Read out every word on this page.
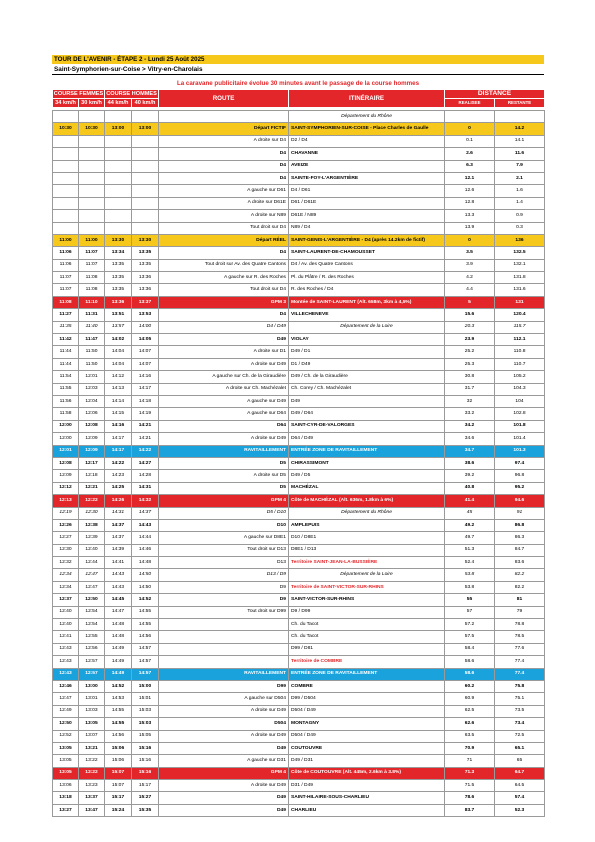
TOUR DE L'AVENIR - ÉTAPE 2 - Lundi 25 Août 2025
Saint-Symphorien-sur-Coise > Vitry-en-Charolais
La caravane publicitaire évolue 30 minutes avant le passage de la course hommes
COURSE FEMMES		COURSE HOMMES		ROUTE	ITINÉRAIRE	DISTANCE	
34 km/h	30 km/h	44 km/h	40 km/h			REALISEE	RESTANTE
					Département du Rhône		
10:30	10:30	13:00	13:00	Départ FICTIF	SAINT-SYMPHORIEN-SUR-COISE - Place Charles de Gaulle	0	14.2
				A droite sur D4	D2 / D4	0.1	14.1
				D4	CHAVANNE	2.6	11.6
				D4	AVEIZE	6.3	7.9
				D4	SAINTE-FOY-L'ARGENTIÈRE	12.1	2.1
				A gauche sur D61	D4 / D61	12.6	1.6
				A droite sur D61E	D61 / D61E	12.8	1.4
				A droite sur N89	D61E / N89	13.3	0.9
				Tout droit sur D4	N89 / D4	13.9	0.3
11:00	11:00	13:30	13:30	Départ RÉEL	SAINT-GENIS-L'ARGENTIÈRE - D4 (après 14.2km de fictif)	0	136
11:06	11:07	13:34	13:35	D4	SAINT-LAURENT-DE-CHAMOUSSET	3.5	132.5
11:06	11:07	13:35	13:35	Tout droit sur Av. des Quatre Cantons	D4 / Av. des Quatre Cantons	3.9	132.1
11:07	11:08	13:35	13:36	A gauche sur R. des Roches	Pl. du Plâtre / R. des Roches	4.2	131.8
11:07	11:08	13:35	13:36	Tout droit sur D4	R. des Roches / D4	4.4	131.6
11:08	11:10	13:36	13:37	GPM 3	Montée de SAINT-LAURENT (Alt. 658m, 3km à 4,5%)	5	131
11:27	11:31	13:51	13:53	D4	VILLECHENEVE	15.6	120.4
11:35	11:40	13:57	14:00	D4 / D49	Département de la Loire	20.3	115.7
11:42	11:47	14:02	14:05	D49	VIOLAY	23.9	112.1
11:44	11:50	14:04	14:07	A droite sur D1	D49 / D1	25.2	110.8
11:44	11:50	14:04	14:07	A droite sur D49	D1 / D49	25.3	110.7
11:54	12:01	14:12	14:16	A gauche sur Ch. de la Giraudière	D49 / Ch. de la Giraudière	30.8	105.2
11:55	12:03	14:13	14:17	A droite sur Ch. Machézalet	Ch. Corey / Ch. Machézalet	31.7	104.3
11:56	12:04	14:14	14:18	A gauche sur D49	D49	32	104
11:58	12:06	14:15	14:19	A gauche sur D64	D49 / D64	33.2	102.8
12:00	12:08	14:16	14:21	D64	SAINT-CYR-DE-VALORGES	34.2	101.8
12:00	12:09	14:17	14:21	A droite sur D49	D64 / D49	34.6	101.4
12:01	12:09	14:17	14:22	RAVITAILLEMENT	ENTRÉE ZONE DE RAVITAILLEMENT	34.7	101.3
12:08	12:17	14:22	14:27	D5	CHIRASSIMONT	38.6	97.4
12:09	12:18	14:23	14:28	A droite sur D5	D49 / D5	39.2	96.8
12:12	12:21	14:25	14:31	D5	MACHÉZAL	40.8	95.2
12:13	12:22	14:26	14:32	GPM 4	Côte de MACHÉZAL (Alt. 636m, 1.8km à 6%)	41.4	94.6
12:19	12:30	14:31	14:37	D5 / D10	Département du Rhône	45	91
12:26	12:38	14:37	14:43	D10	AMPLEPUIS	49.2	86.8
12:27	12:39	14:37	14:44	A gauche sur D8E1	D10 / D8E1	49.7	86.3
12:30	12:40	14:39	14:46	Tout droit sur D13	D8E1 / D13	51.3	84.7
12:32	12:44	14:41	14:48	D13	Territoire SAINT-JEAN-LA-BUSSIÈRE	52.4	83.6
12:34	12:47	14:43	14:50	D13 / D9	Département de la Loire	53.8	82.2
12:34	12:47	14:43	14:50	D9	Territoire de SAINT-VICTOR-SUR-RHINS	53.8	82.2
12:37	12:50	14:45	14:52	D9	SAINT-VICTOR-SUR-RHINS	55	81
12:40	12:54	14:47	14:55	Tout droit sur D99	D9 / D99	57	79
12:40	12:54	14:48	14:55		Ch. du Tacot	57.2	78.8
12:41	12:55	14:48	14:56		Ch. du Tacot	57.5	78.5
12:43	12:56	14:49	14:57		D99 / D81	58.4	77.6
12:43	12:57	14:49	14:57		Territoire de COMBRE	58.6	77.4
12:43	12:57	14:49	14:57	RAVITAILLEMENT	ENTRÉE ZONE DE RAVITAILLEMENT	58.6	77.4
12:46	13:00	14:52	15:00	D99	COMBRE	60.2	75.8
12:47	13:01	14:53	15:01	A gauche sur D504	D99 / D504	60.9	75.1
12:49	13:03	14:55	15:03	A droite sur D49	D504 / D49	62.5	73.5
12:50	13:05	14:55	15:03	D504	MONTAGNY	62.6	73.4
12:52	13:07	14:56	15:05	A droite sur D49	D504 / D49	63.5	72.5
13:05	13:21	15:06	15:16	D49	COUTOUVRE	70.9	65.1
13:05	13:22	15:06	15:16	A gauche sur D31	D49 / D31	71	65
13:05	13:22	15:07	15:16	GPM 4	Côte de COUTOUVRE (Alt. 445m, 2.6km à 3.8%)	71.3	64.7
13:06	13:23	15:07	15:17	A droite sur D49	D31 / D49	71.5	64.5
13:18	13:37	15:17	15:27	D49	SAINT-HILAIRE-SOUS-CHARLIEU	78.6	57.4
13:27	13:47	15:24	15:35	D49	CHARLIEU	83.7	52.3
